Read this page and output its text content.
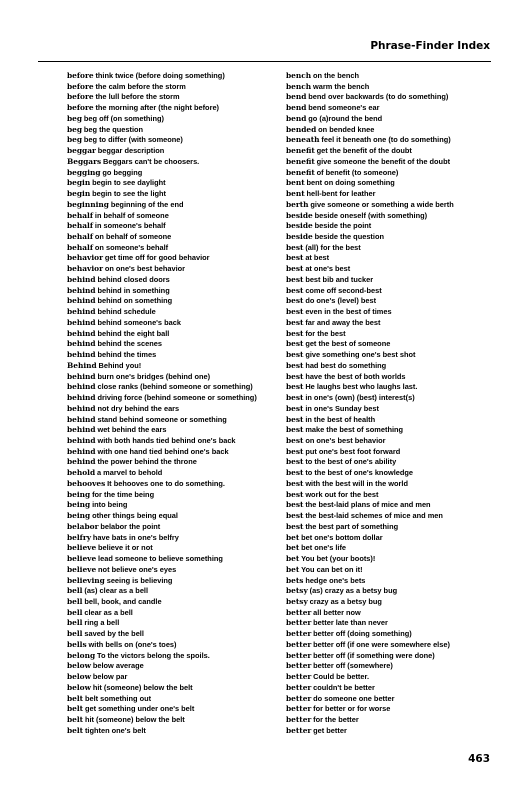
Phrase-Finder Index
before think twice (before doing something)
before the calm before the storm
before the lull before the storm
before the morning after (the night before)
beg beg off (on something)
beg beg the question
beg beg to differ (with someone)
beggar beggar description
Beggars Beggars can't be choosers.
begging go begging
begin begin to see daylight
begin begin to see the light
beginning beginning of the end
behalf in behalf of someone
behalf in someone's behalf
behalf on behalf of someone
behalf on someone's behalf
behavior get time off for good behavior
behavior on one's best behavior
behind behind closed doors
behind behind in something
behind behind on something
behind behind schedule
behind behind someone's back
behind behind the eight ball
behind behind the scenes
behind behind the times
Behind Behind you!
behind burn one's bridges (behind one)
behind close ranks (behind someone or something)
behind driving force (behind someone or something)
behind not dry behind the ears
behind stand behind someone or something
behind wet behind the ears
behind with both hands tied behind one's back
behind with one hand tied behind one's back
behind the power behind the throne
behold a marvel to behold
behooves It behooves one to do something.
being for the time being
being into being
being other things being equal
belabor belabor the point
belfry have bats in one's belfry
believe believe it or not
believe lead someone to believe something
believe not believe one's eyes
believing seeing is believing
bell (as) clear as a bell
bell bell, book, and candle
bell clear as a bell
bell ring a bell
bell saved by the bell
bells with bells on (one's toes)
belong To the victors belong the spoils.
below below average
below below par
below hit (someone) below the belt
belt belt something out
belt get something under one's belt
belt hit (someone) below the belt
belt tighten one's belt
bench on the bench
bench warm the bench
bend bend over backwards (to do something)
bend bend someone's ear
bend go (a)round the bend
bended on bended knee
beneath feel it beneath one (to do something)
benefit get the benefit of the doubt
benefit give someone the benefit of the doubt
benefit of benefit (to someone)
bent bent on doing something
bent hell-bent for leather
berth give someone or something a wide berth
beside beside oneself (with something)
beside beside the point
beside beside the question
best (all) for the best
best at best
best at one's best
best best bib and tucker
best come off second-best
best do one's (level) best
best even in the best of times
best far and away the best
best for the best
best get the best of someone
best give something one's best shot
best had best do something
best have the best of both worlds
best He laughs best who laughs last.
best in one's (own) (best) interest(s)
best in one's Sunday best
best in the best of health
best make the best of something
best on one's best behavior
best put one's best foot forward
best to the best of one's ability
best to the best of one's knowledge
best with the best will in the world
best work out for the best
best the best-laid plans of mice and men
best the best-laid schemes of mice and men
best the best part of something
bet bet one's bottom dollar
bet bet one's life
bet You bet (your boots)!
bet You can bet on it!
bets hedge one's bets
betsy (as) crazy as a betsy bug
betsy crazy as a betsy bug
better all better now
better better late than never
better better off (doing something)
better better off (if one were somewhere else)
better better off (if something were done)
better better off (somewhere)
better Could be better.
better couldn't be better
better do someone one better
better for better or for worse
better for the better
better get better
463
